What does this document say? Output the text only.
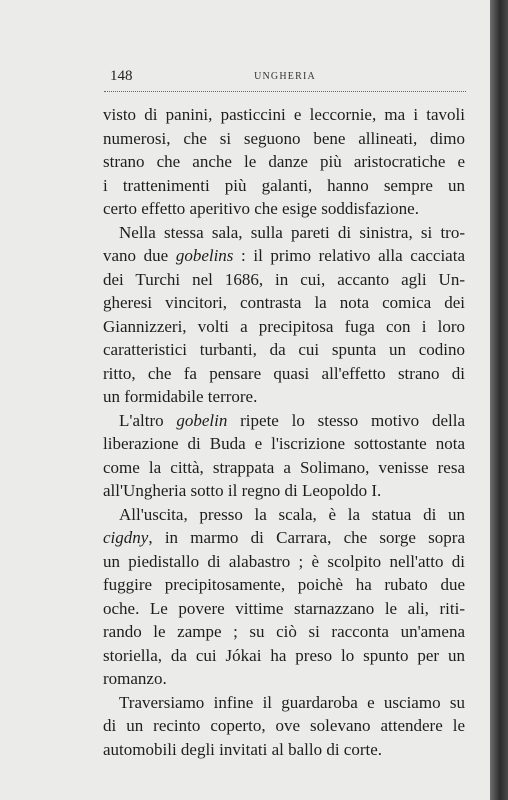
148	UNGHERIA

visto di panini, pasticcini e leccornie, ma i tavoli
numerosi, che si seguono bene allineati, dimo
strano che anche le danze più aristocratiche e
i trattenimenti più galanti, hanno sempre un
certo effetto aperitivo che esige soddisfazione.

Nella stessa sala, sulla pareti di sinistra, si tro-
vano due gobelins : il primo relativo alla cacciata
dei Turchi nel 1686, in cui, accanto agli Un-
gheresi vincitori, contrasta la nota comica dei
Giannizzeri, volti a precipitosa fuga con i loro
caratteristici turbanti, da cui spunta un codino
ritto, che fa pensare quasi all'effetto strano di
un formidabile terrore.

L'altro gobelin ripete lo stesso motivo della
liberazione di Buda e l'iscrizione sottostante nota
come la città, strappata a Solimano, venisse resa
all'Ungheria sotto il regno di Leopoldo I.

All'uscita, presso la scala, è la statua di un
cigdny, in marmo di Carrara, che sorge sopra
un piedistallo di alabastro ; è scolpito nell'atto di
fuggire precipitosamente, poichè ha rubato due
oche. Le povere vittime starnazzano le ali, riti-
rando le zampe ; su ciò si racconta un'amena
storiella, da cui Jókai ha preso lo spunto per un
romanzo.

Traversiamo infine il guardaroba e usciamo su
di un recinto coperto, ove solevano attendere le
automobili degli invitati al ballo di corte.
